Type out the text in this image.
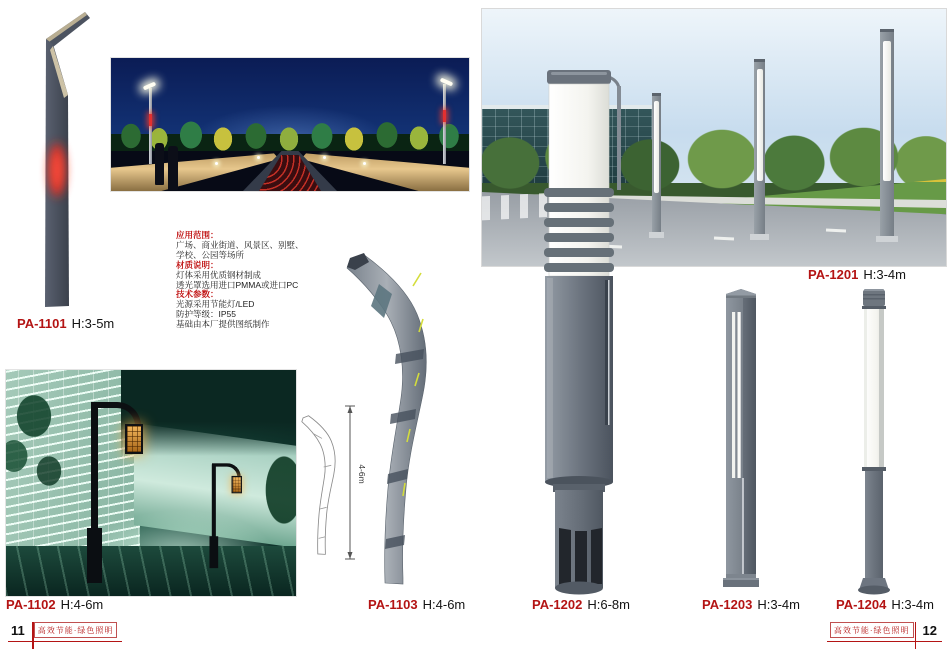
应用范围：
广场、商业街道、风景区、别墅、
学校、公园等场所
材质说明：
灯体采用优质钢材制成
透光罩选用进口PMMA或进口PC
技术参数：
光源采用节能灯/LED
防护等级：IP55
基础由本厂提供图纸制作
4-6m
PA-1101 H:3-5m
PA-1102 H:4-6m	PA-1103 H:4-6m
PA-1201 H:3-4m
PA-1202 H:6-8m	PA-1203 H:3-4m	PA-1204 H:3-4m
11	高效节能·绿色照明	高效节能·绿色照明	12
